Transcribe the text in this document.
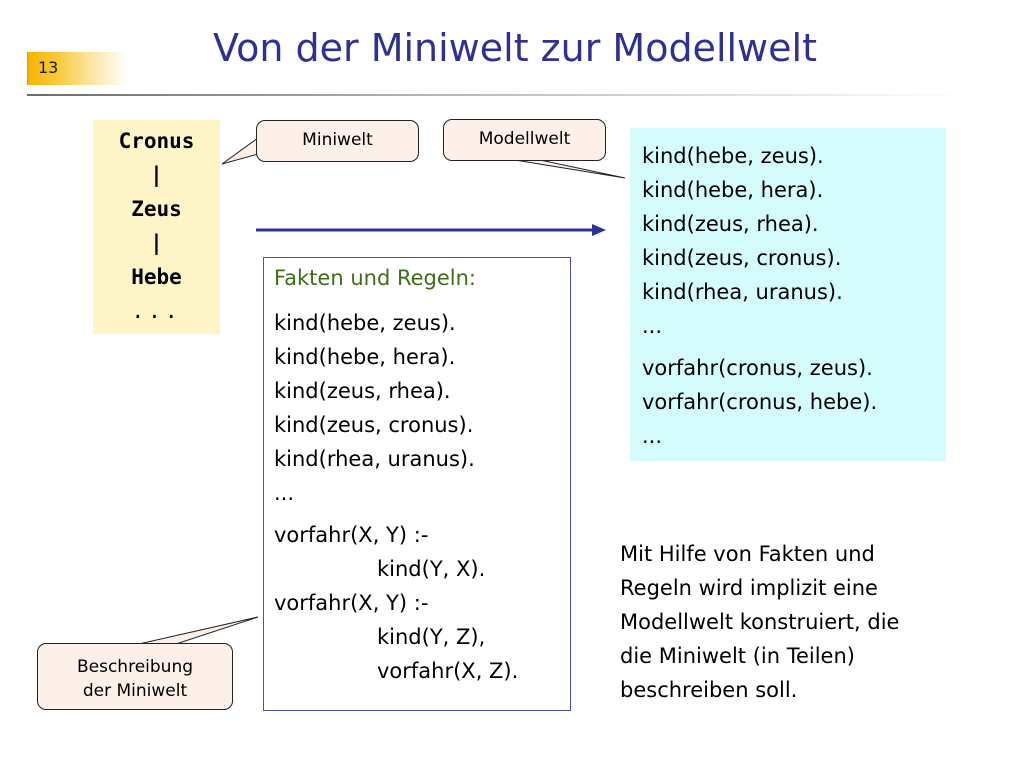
13	Von der Miniwelt zur Modellwelt
Cronus
|
Zeus
|
Hebe
...
Miniwelt	Modellwelt
Beschreibung
der Miniwelt
Fakten und Regeln:
kind(hebe, zeus).
kind(hebe, hera).
kind(zeus, rhea).
kind(zeus, cronus).
kind(rhea, uranus).
...
vorfahr(X, Y) :-
kind(Y, X).
vorfahr(X, Y) :-
kind(Y, Z),
vorfahr(X, Z).
kind(hebe, zeus).
kind(hebe, hera).
kind(zeus, rhea).
kind(zeus, cronus).
kind(rhea, uranus).
...
vorfahr(cronus, zeus).
vorfahr(cronus, hebe).
...
Mit Hilfe von Fakten und
Regeln wird implizit eine
Modellwelt konstruiert, die
die Miniwelt (in Teilen)
beschreiben soll.
